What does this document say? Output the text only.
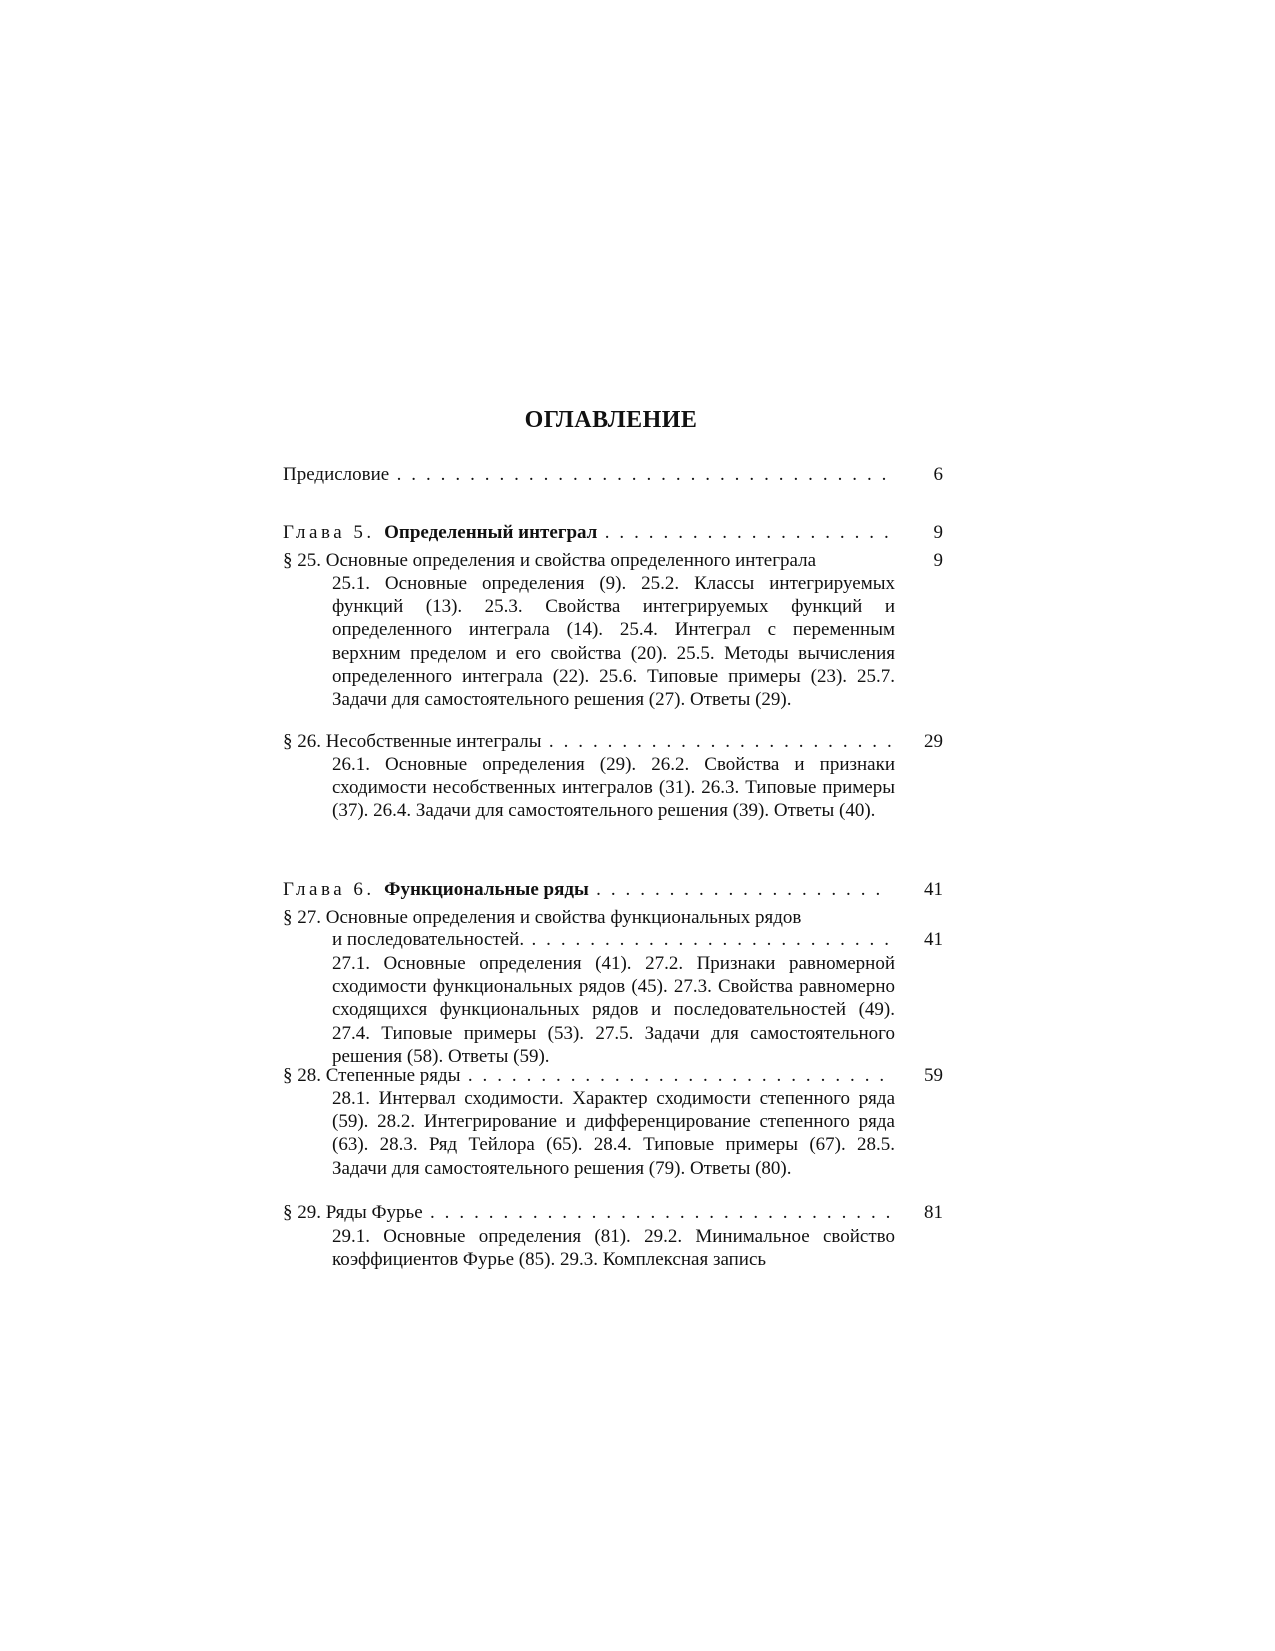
ОГЛАВЛЕНИЕ
Предисловие . . .	6
Глава 5. Определенный интеграл . . .	9
§ 25. Основные определения и свойства определенного интеграла	9
25.1. Основные определения (9). 25.2. Классы интегрируемых функций (13). 25.3. Свойства интегрируемых функций и определенного интеграла (14). 25.4. Интеграл с переменным верхним пределом и его свойства (20). 25.5. Методы вычисления определенного интеграла (22). 25.6. Типовые примеры (23). 25.7. Задачи для самостоятельного решения (27). Ответы (29).
§ 26. Несобственные интегралы . . .	29
26.1. Основные определения (29). 26.2. Свойства и признаки сходимости несобственных интегралов (31). 26.3. Типовые примеры (37). 26.4. Задачи для самостоятельного решения (39). Ответы (40).
Глава 6. Функциональные ряды . . .	41
§ 27. Основные определения и свойства функциональных рядов
и последовательностей. . . .	41
27.1. Основные определения (41). 27.2. Признаки равномерной сходимости функциональных рядов (45). 27.3. Свойства равномерно сходящихся функциональных рядов и последовательностей (49). 27.4. Типовые примеры (53). 27.5. Задачи для самостоятельного решения (58). Ответы (59).
§ 28. Степенные ряды . . .	59
28.1. Интервал сходимости. Характер сходимости степенного ряда (59). 28.2. Интегрирование и дифференцирование степенного ряда (63). 28.3. Ряд Тейлора (65). 28.4. Типовые примеры (67). 28.5. Задачи для самостоятельного решения (79). Ответы (80).
§ 29. Ряды Фурье . . .	81
29.1. Основные определения (81). 29.2. Минимальное свойство коэффициентов Фурье (85). 29.3. Комплексная запись
